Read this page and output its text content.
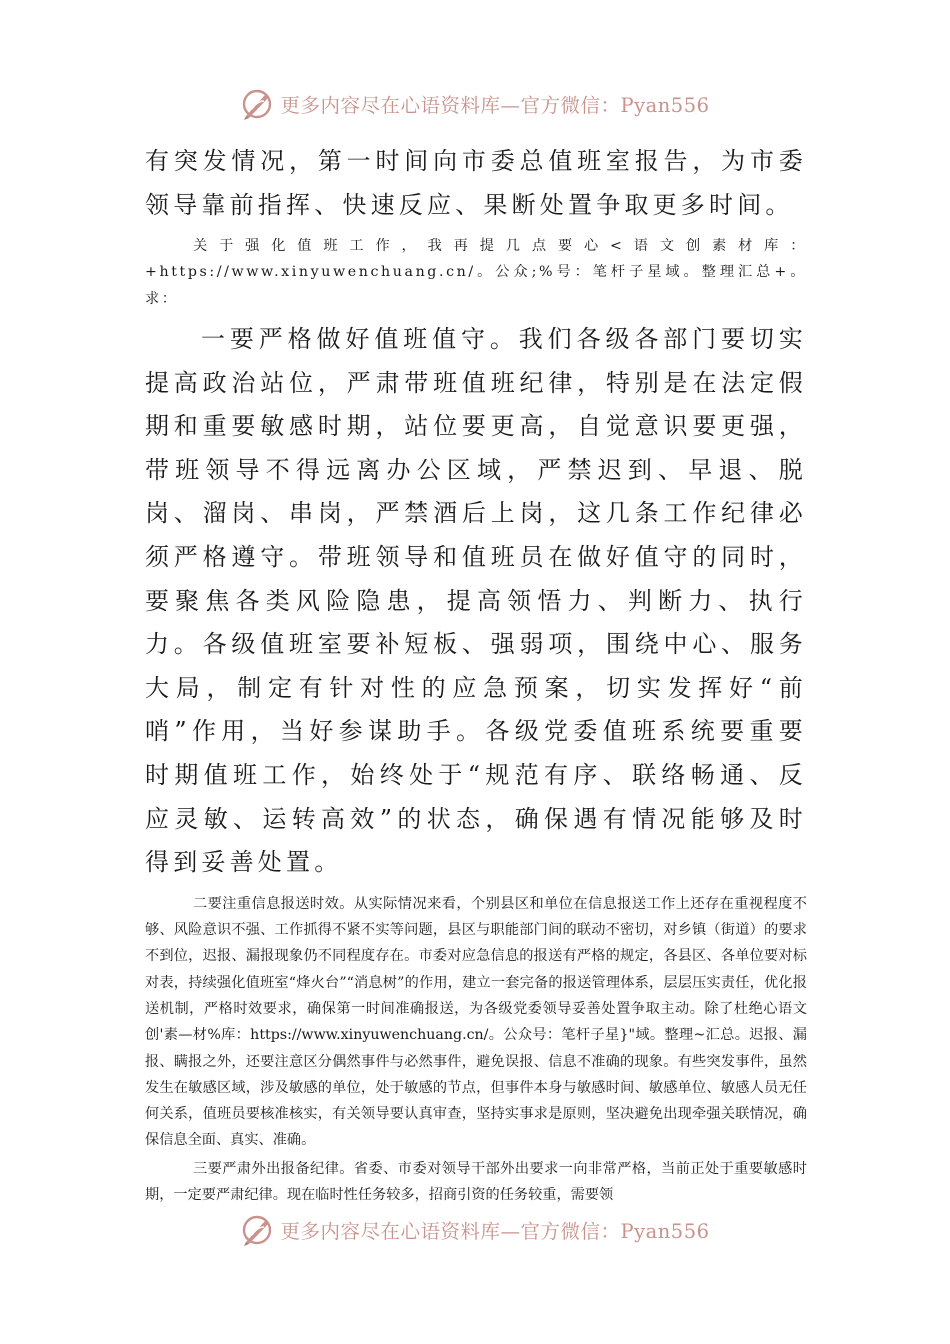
更多内容尽在心语资料库—官方微信：Pyan556

有突发情况，第一时间向市委总值班室报告，为市委领导靠前指挥、快速反应、果断处置争取更多时间。

关于强化值班工作，我再提几点要心<语文创素材库：+https://www.xinyuwenchuang.cn/。公众;%号：笔杆子星域。整理汇总+。求：

一要严格做好值班值守。我们各级各部门要切实提高政治站位，严肃带班值班纪律，特别是在法定假期和重要敏感时期，站位要更高，自觉意识要更强，带班领导不得远离办公区域，严禁迟到、早退、脱岗、溜岗、串岗，严禁酒后上岗，这几条工作纪律必须严格遵守。带班领导和值班员在做好值守的同时，要聚焦各类风险隐患，提高领悟力、判断力、执行力。各级值班室要补短板、强弱项，围绕中心、服务大局，制定有针对性的应急预案，切实发挥好“前哨”作用，当好参谋助手。各级党委值班系统要重要时期值班工作，始终处于“规范有序、联络畅通、反应灵敏、运转高效”的状态，确保遇有情况能够及时得到妥善处置。

二要注重信息报送时效。从实际情况来看，个别县区和单位在信息报送工作上还存在重视程度不够、风险意识不强、工作抓得不紧不实等问题，县区与职能部门间的联动不密切，对乡镇（街道）的要求不到位，迟报、漏报现象仍不同程度存在。市委对应急信息的报送有严格的规定，各县区、各单位要对标对表，持续强化值班室“烽火台”“消息树”的作用，建立一套完备的报送管理体系，层层压实责任，优化报送机制，严格时效要求，确保第一时间准确报送，为各级党委领导妥善处置争取主动。除了杜绝心语文创'素—材%库：https://www.xinyuwenchuang.cn/。公众号：笔杆子星}"域。整理~汇总。迟报、漏报、瞒报之外，还要注意区分偶然事件与必然事件，避免误报、信息不准确的现象。有些突发事件，虽然发生在敏感区域，涉及敏感的单位，处于敏感的节点，但事件本身与敏感时间、敏感单位、敏感人员无任何关系，值班员要核准核实，有关领导要认真审查，坚持实事求是原则，坚决避免出现牵强关联情况，确保信息全面、真实、准确。

三要严肃外出报备纪律。省委、市委对领导干部外出要求一向非常严格，当前正处于重要敏感时期，一定要严肃纪律。现在临时性任务较多，招商引资的任务较重，需要领

更多内容尽在心语资料库—官方微信：Pyan556
